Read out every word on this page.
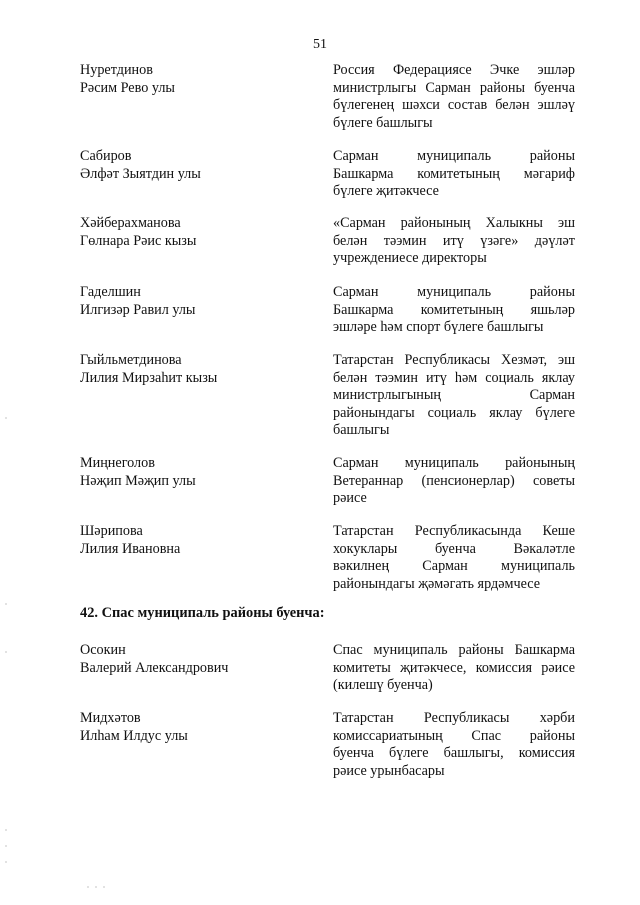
51
Нуретдинов
Рәсим Рево улы
Россия Федерациясе Эчке эшләр
министрлыгы Сарман районы буенча
бүлегенең шәхси состав белән эшләү
бүлеге башлыгы
Сабиров
Әлфәт Зыятдин улы
Сарман муниципаль районы
Башкарма комитетының мәгариф
бүлеге җитәкчесе
Хәйберахманова
Гөлнара Рәис кызы
«Сарман районының Халыкны эш
белән тәэмин итү үзәге» дәүләт
учреждениесе директоры
Гаделшин
Илгизәр Равил улы
Сарман муниципаль районы
Башкарма комитетының яшьләр
эшләре һәм спорт бүлеге башлыгы
Гыйльметдинова
Лилия Мирзаһит кызы
Татарстан Республикасы Хезмәт, эш
белән тәэмин итү һәм социаль яклау
министрлыгының Сарман
районындагы социаль яклау бүлеге
башлыгы
Миңнеголов
Нәҗип Мәҗип улы
Сарман муниципаль районының
Ветераннар (пенсионерлар) советы
рәисе
Шәрипова
Лилия Ивановна
Татарстан Республикасында Кеше
хокуклары буенча Вәкаләтле
вәкилнең Сарман муниципаль
районындагы җәмәгать ярдәмчесе
42. Спас муниципаль районы буенча:
Осокин
Валерий Александрович
Спас муниципаль районы Башкарма
комитеты җитәкчесе, комиссия рәисе
(килешү буенча)
Мидхәтов
Илһам Илдус улы
Татарстан Республикасы хәрби
комиссариатының Спас районы
буенча бүлеге башлыгы, комиссия
рәисе урынбасары
